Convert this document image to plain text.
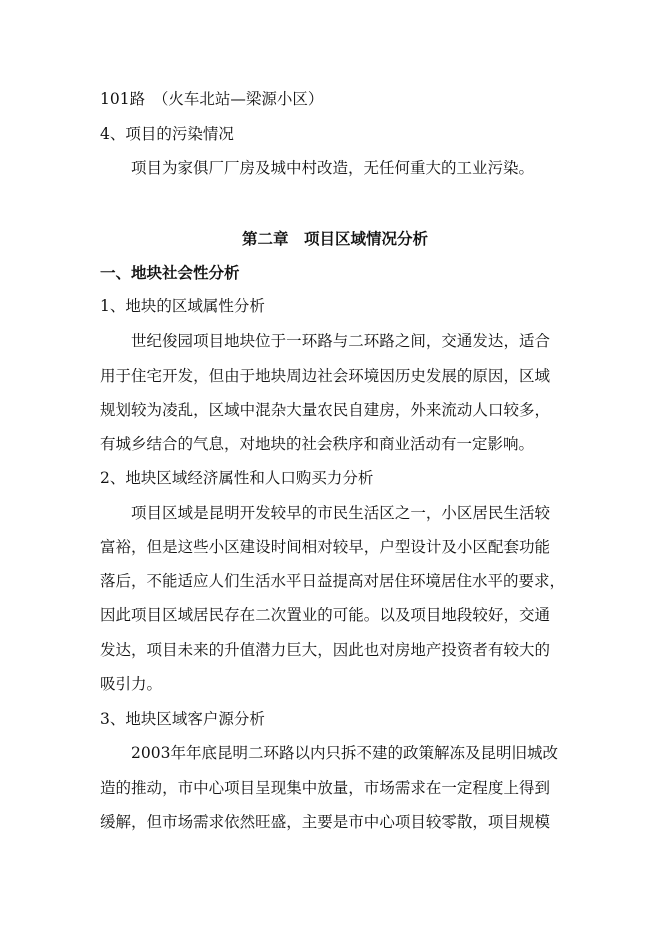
101路　（火车北站—梁源小区）
4、项目的污染情况
项目为家俱厂厂房及城中村改造，无任何重大的工业污染。
第二章　项目区域情况分析
一、地块社会性分析
1、地块的区域属性分析
世纪俊园项目地块位于一环路与二环路之间，交通发达，适合
用于住宅开发，但由于地块周边社会环境因历史发展的原因，区域
规划较为凌乱，区域中混杂大量农民自建房，外来流动人口较多，
有城乡结合的气息，对地块的社会秩序和商业活动有一定影响。
2、地块区域经济属性和人口购买力分析
项目区域是昆明开发较早的市民生活区之一，小区居民生活较
富裕，但是这些小区建设时间相对较早，户型设计及小区配套功能
落后，不能适应人们生活水平日益提高对居住环境居住水平的要求，
因此项目区域居民存在二次置业的可能。以及项目地段较好，交通
发达，项目未来的升值潜力巨大，因此也对房地产投资者有较大的
吸引力。
3、地块区域客户源分析
2003年年底昆明二环路以内只拆不建的政策解冻及昆明旧城改
造的推动，市中心项目呈现集中放量，市场需求在一定程度上得到
缓解，但市场需求依然旺盛，主要是市中心项目较零散，项目规模
